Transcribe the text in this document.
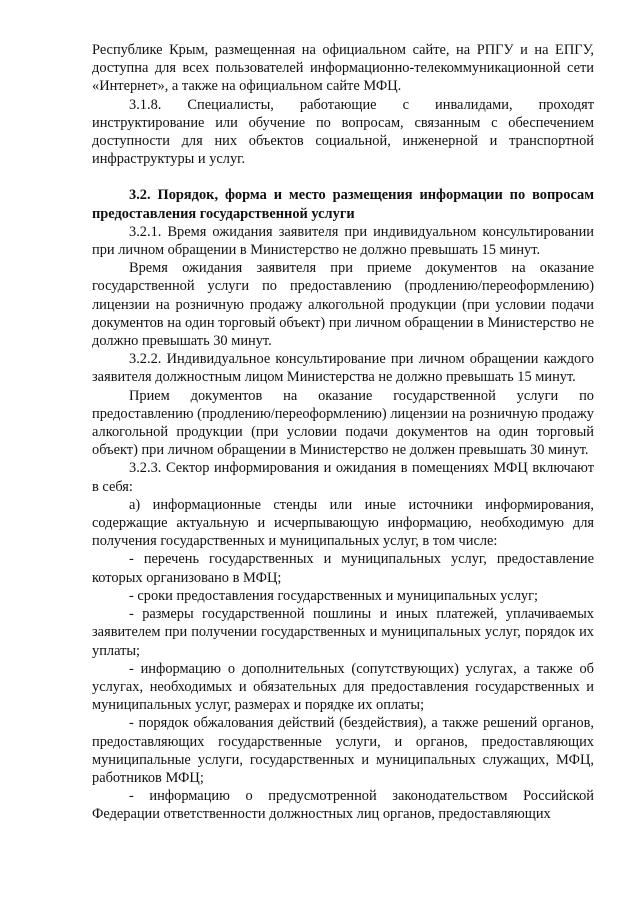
Республике Крым, размещенная на официальном сайте, на РПГУ и на ЕПГУ, доступна для всех пользователей информационно-телекоммуникационной сети «Интернет», а также на официальном сайте МФЦ.

3.1.8. Специалисты, работающие с инвалидами, проходят инструктирование или обучение по вопросам, связанным с обеспечением доступности для них объектов социальной, инженерной и транспортной инфраструктуры и услуг.

3.2. Порядок, форма и место размещения информации по вопросам предоставления государственной услуги

3.2.1. Время ожидания заявителя при индивидуальном консультировании при личном обращении в Министерство не должно превышать 15 минут.

Время ожидания заявителя при приеме документов на оказание государственной услуги по предоставлению (продлению/переоформлению) лицензии на розничную продажу алкогольной продукции (при условии подачи документов на один торговый объект) при личном обращении в Министерство не должно превышать 30 минут.

3.2.2. Индивидуальное консультирование при личном обращении каждого заявителя должностным лицом Министерства не должно превышать 15 минут.

Прием документов на оказание государственной услуги по предоставлению (продлению/переоформлению) лицензии на розничную продажу алкогольной продукции (при условии подачи документов на один торговый объект) при личном обращении в Министерство не должен превышать 30 минут.

3.2.3. Сектор информирования и ожидания в помещениях МФЦ включают в себя:

а) информационные стенды или иные источники информирования, содержащие актуальную и исчерпывающую информацию, необходимую для получения государственных и муниципальных услуг, в том числе:

- перечень государственных и муниципальных услуг, предоставление которых организовано в МФЦ;

- сроки предоставления государственных и муниципальных услуг;

- размеры государственной пошлины и иных платежей, уплачиваемых заявителем при получении государственных и муниципальных услуг, порядок их уплаты;

- информацию о дополнительных (сопутствующих) услугах, а также об услугах, необходимых и обязательных для предоставления государственных и муниципальных услуг, размерах и порядке их оплаты;

- порядок обжалования действий (бездействия), а также решений органов, предоставляющих государственные услуги, и органов, предоставляющих муниципальные услуги, государственных и муниципальных служащих, МФЦ, работников МФЦ;

- информацию о предусмотренной законодательством Российской Федерации ответственности должностных лиц органов, предоставляющих
